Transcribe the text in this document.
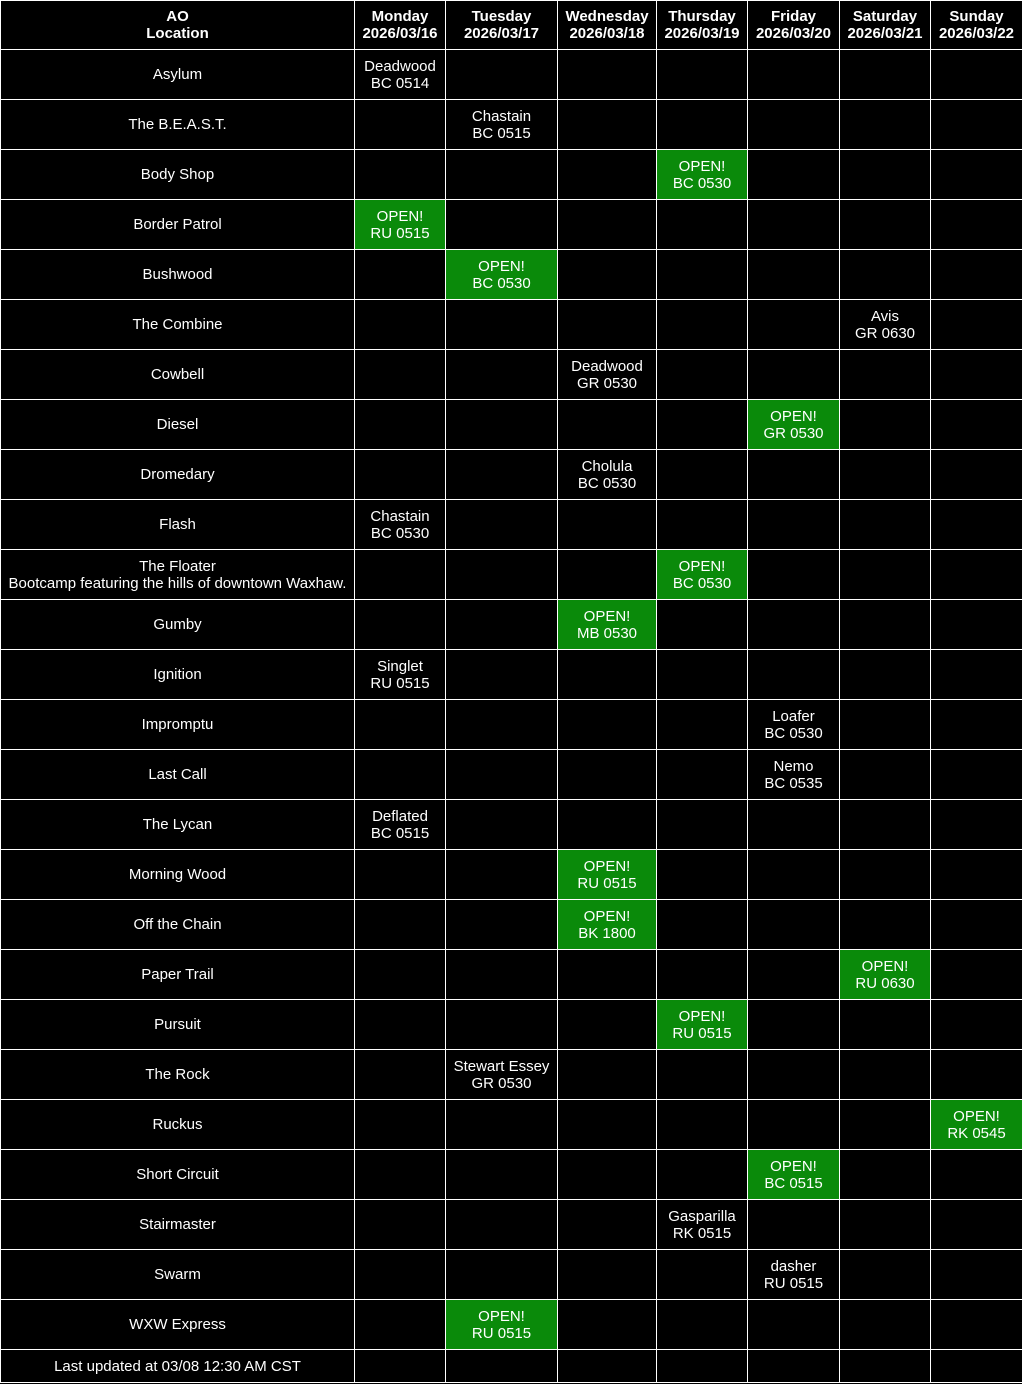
AO
Location	Monday
2026/03/16	Tuesday
2026/03/17	Wednesday
2026/03/18	Thursday
2026/03/19	Friday
2026/03/20	Saturday
2026/03/21	Sunday
2026/03/22

Asylum	Deadwood
BC 0514						

The B.E.A.S.T.		Chastain
BC 0515					

Body Shop				OPEN!
BC 0530			

Border Patrol	OPEN!
RU 0515						

Bushwood		OPEN!
BC 0530					

The Combine						Avis
GR 0630	

Cowbell			Deadwood
GR 0530				

Diesel					OPEN!
GR 0530		

Dromedary			Cholula
BC 0530				

Flash	Chastain
BC 0530						

The Floater
Bootcamp featuring the hills of downtown Waxhaw.				OPEN!
BC 0530			

Gumby			OPEN!
MB 0530				

Ignition	Singlet
RU 0515						

Impromptu					Loafer
BC 0530		

Last Call					Nemo
BC 0535		

The Lycan	Deflated
BC 0515						

Morning Wood			OPEN!
RU 0515				

Off the Chain			OPEN!
BK 1800				

Paper Trail						OPEN!
RU 0630	

Pursuit				OPEN!
RU 0515			

The Rock		Stewart Essey
GR 0530					

Ruckus							OPEN!
RK 0545

Short Circuit					OPEN!
BC 0515		

Stairmaster				Gasparilla
RK 0515			

Swarm					dasher
RU 0515		

WXW Express		OPEN!
RU 0515					

Last updated at 03/08 12:30 AM CST							
